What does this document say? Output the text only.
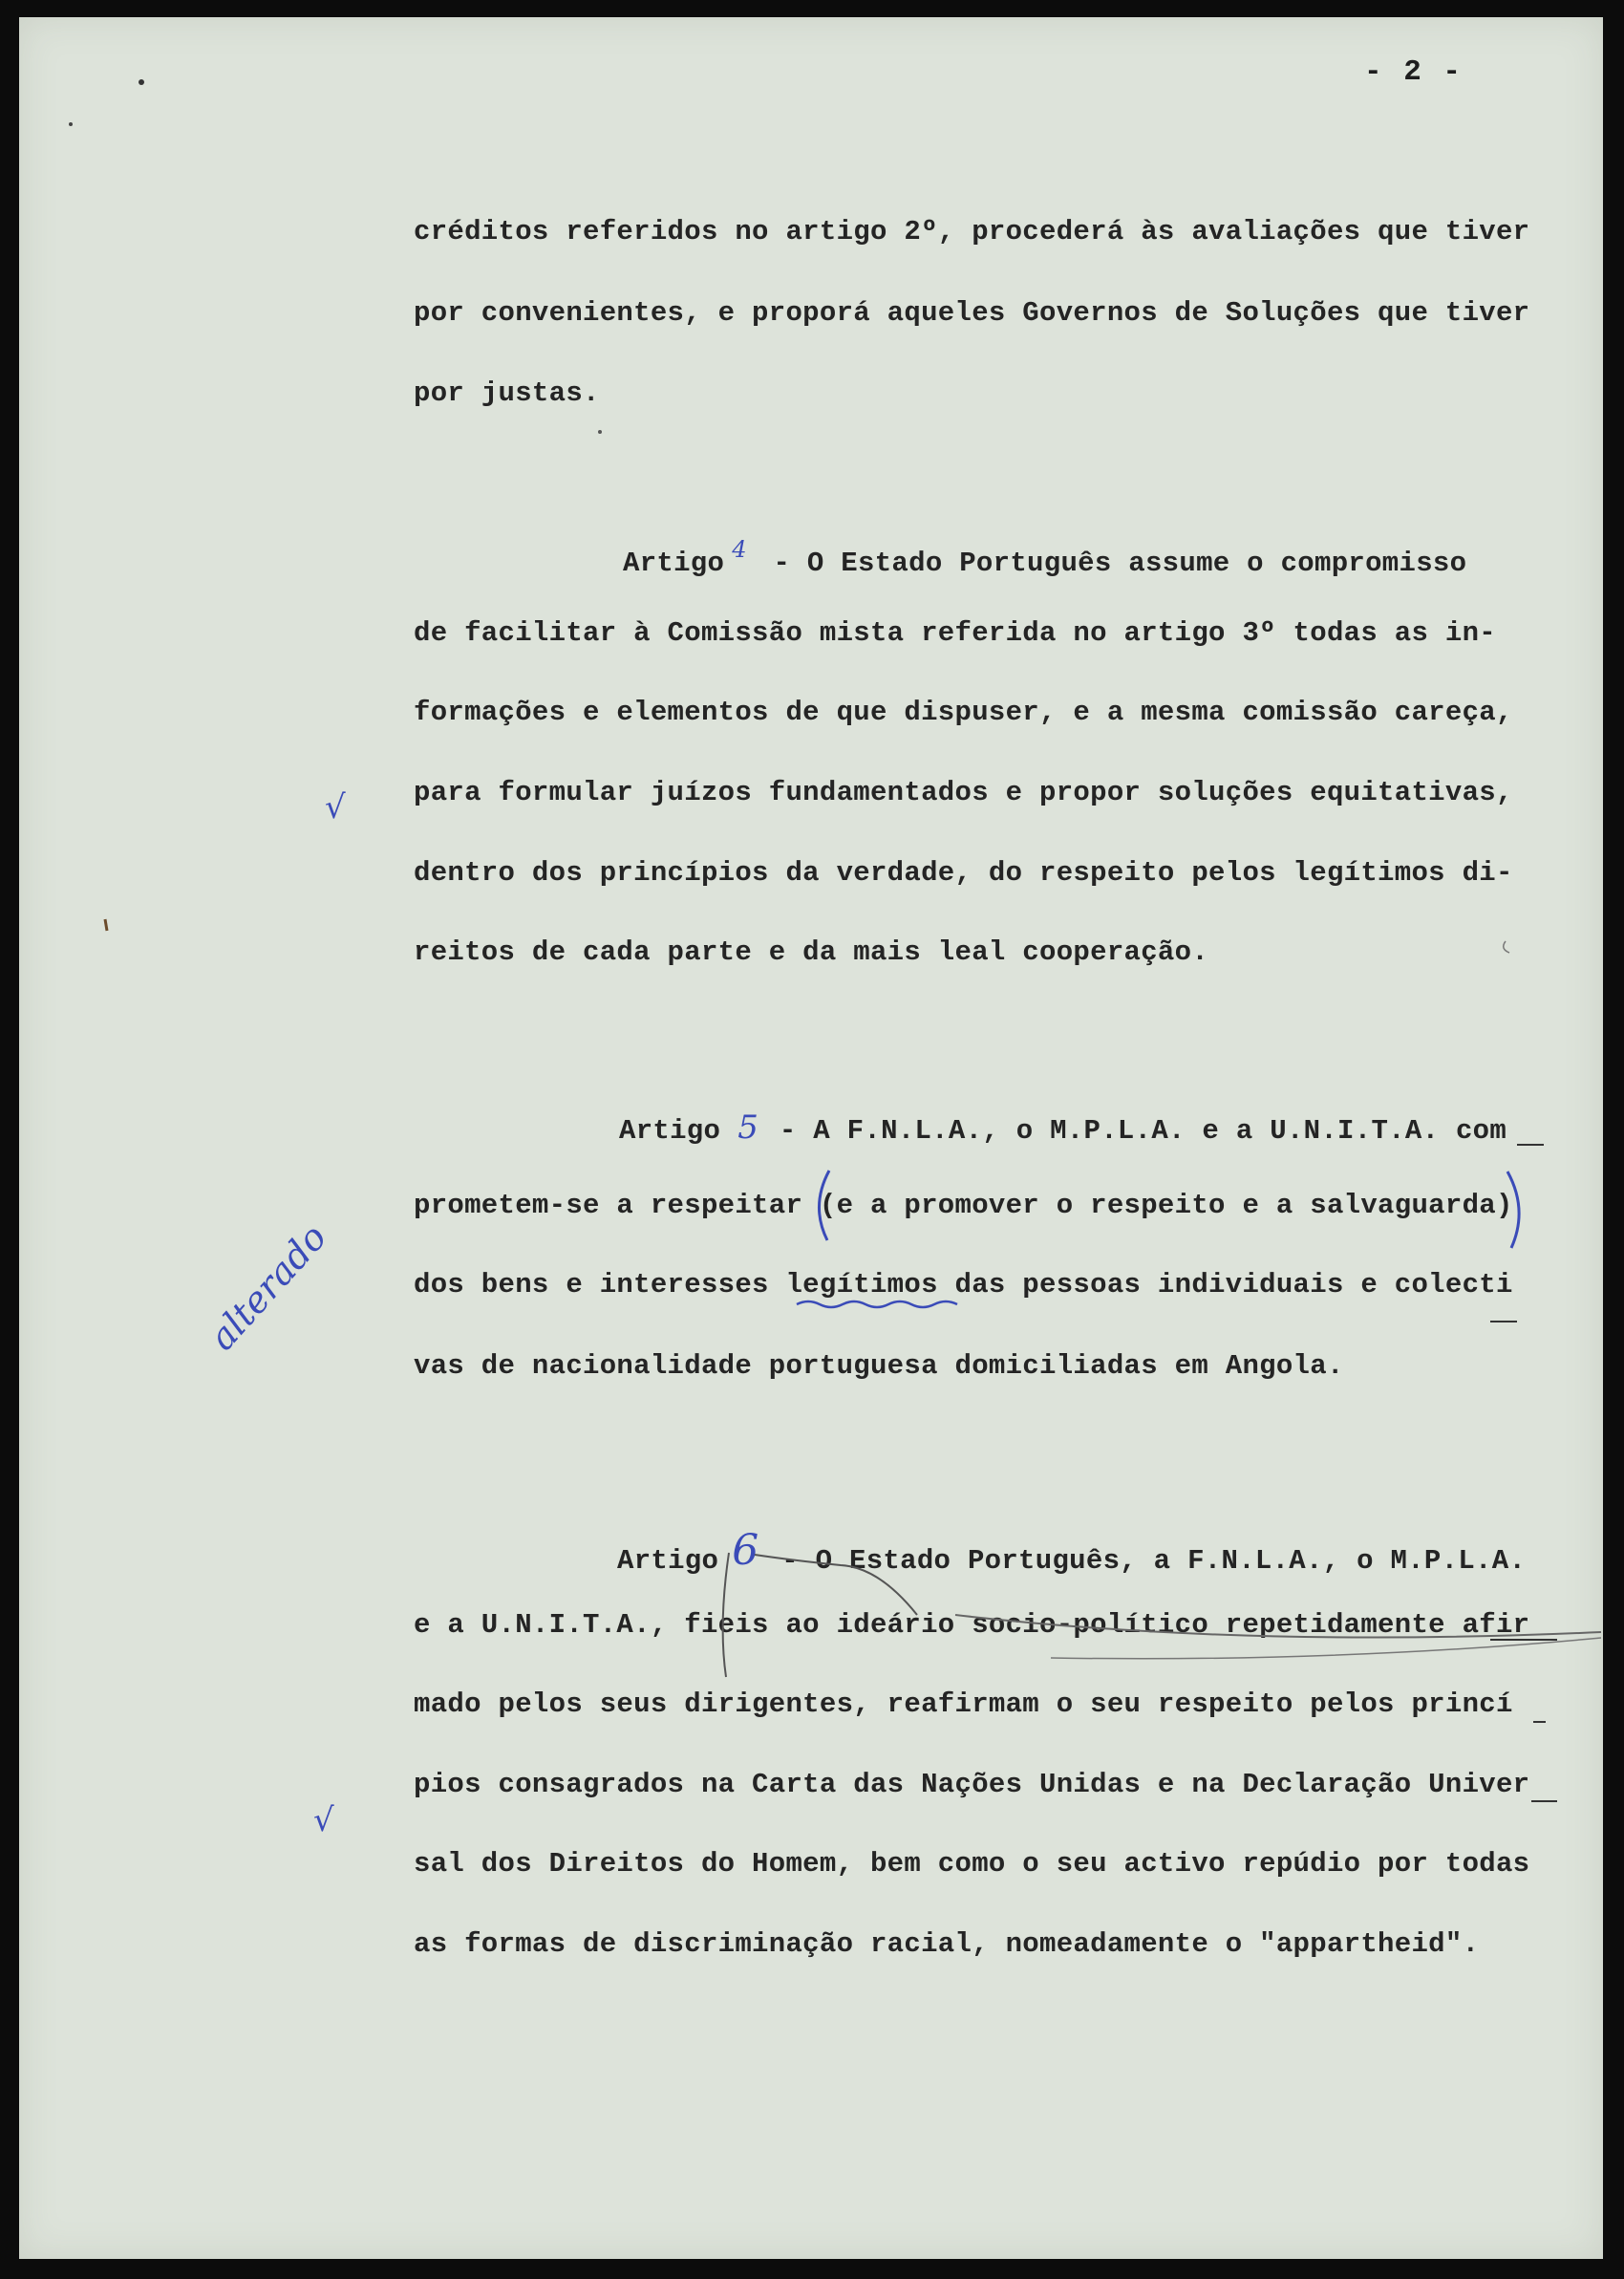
- 2 -
créditos referidos no artigo 2º, procederá às avaliações que tiver
por convenientes, e proporá aqueles Governos de Soluções que tiver
por justas.
Artigo $^4$ - O Estado Português assume o compromisso
de facilitar à Comissão mista referida no artigo 3º todas as in-
formações e elementos de que dispuser, e a mesma comissão careça,
para formular juízos fundamentados e propor soluções equitativas,
dentro dos princípios da verdade, do respeito pelos legítimos di-
reitos de cada parte e da mais leal cooperação.
Artigo 5 - A F.N.L.A., o M.P.L.A. e a U.N.I.T.A. com
prometem-se a respeitar (e a promover o respeito e a salvaguarda)
dos bens e interesses legítimos das pessoas individuais e colecti
vas de nacionalidade portuguesa domiciliadas em Angola.
Artigo 6 - O Estado Português, a F.N.L.A., o M.P.L.A.
e a U.N.I.T.A., fieis ao ideário socio-político repetidamente afir
mado pelos seus dirigentes, reafirmam o seu respeito pelos princí
pios consagrados na Carta das Nações Unidas e na Declaração Univer
sal dos Direitos do Homem, bem como o seu activo repúdio por todas
as formas de discriminação racial, nomeadamente o "appartheid".
√
√
alterado
